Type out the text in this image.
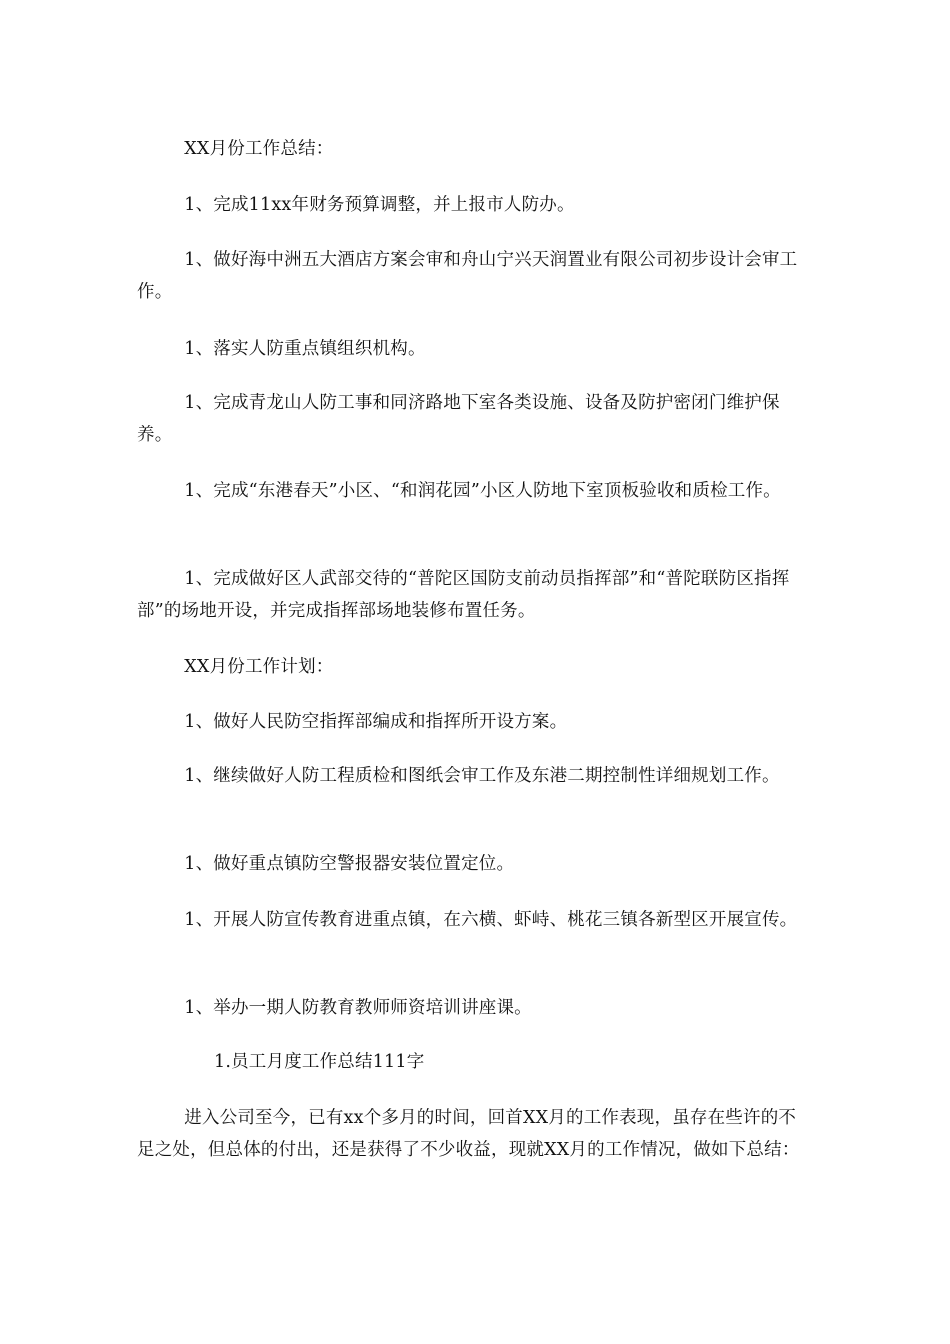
XX月份工作总结：

1、完成11xx年财务预算调整，并上报市人防办。

1、做好海中洲五大酒店方案会审和舟山宁兴天润置业有限公司初步设计会审工作。

1、落实人防重点镇组织机构。

1、完成青龙山人防工事和同济路地下室各类设施、设备及防护密闭门维护保养。

1、完成“东港春天”小区、“和润花园”小区人防地下室顶板验收和质检工作。

1、完成做好区人武部交待的“普陀区国防支前动员指挥部”和“普陀联防区指挥部”的场地开设，并完成指挥部场地装修布置任务。

XX月份工作计划：

1、做好人民防空指挥部编成和指挥所开设方案。

1、继续做好人防工程质检和图纸会审工作及东港二期控制性详细规划工作。

1、做好重点镇防空警报器安装位置定位。

1、开展人防宣传教育进重点镇，在六横、虾峙、桃花三镇各新型区开展宣传。

1、举办一期人防教育教师师资培训讲座课。

1.员工月度工作总结111字

进入公司至今，已有xx个多月的时间，回首XX月的工作表现，虽存在些许的不足之处，但总体的付出，还是获得了不少收益，现就XX月的工作情况，做如下总结：
